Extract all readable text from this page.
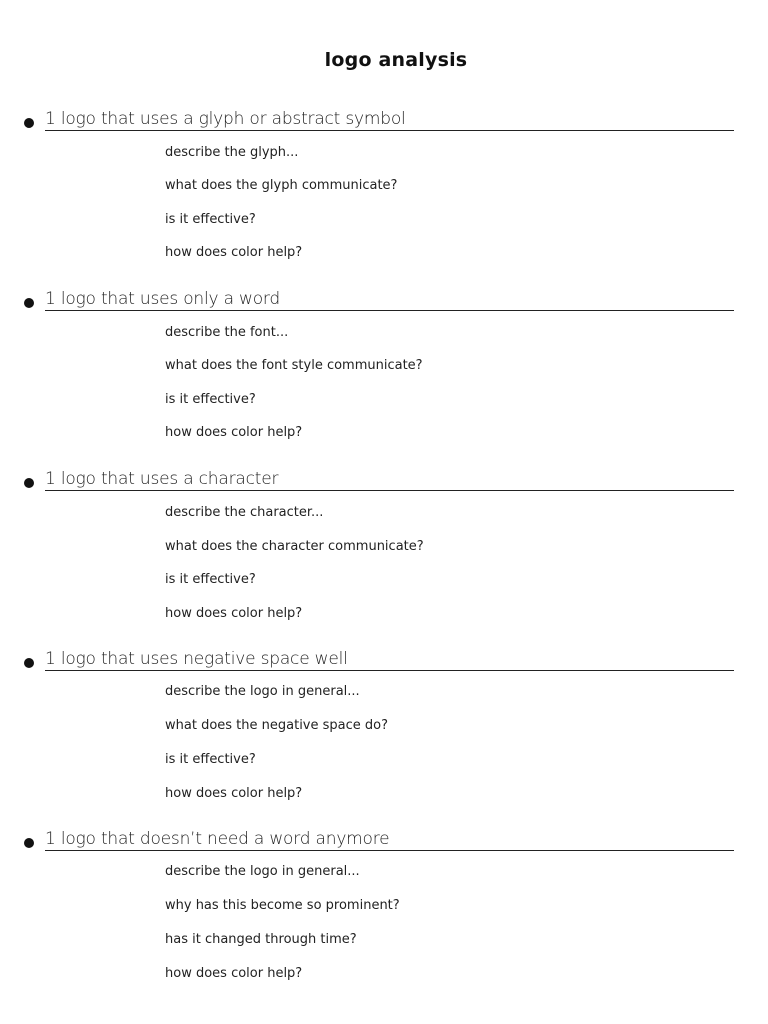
logo analysis
1 logo that uses a glyph or abstract symbol
describe the glyph...
what does the glyph communicate?
is it effective?
how does color help?
1 logo that uses only a word
describe the font...
what does the font style communicate?
is it effective?
how does color help?
1 logo that uses a character
describe the character...
what does the character communicate?
is it effective?
how does color help?
1 logo that uses negative space well
describe the logo in general...
what does the negative space do?
is it effective?
how does color help?
1 logo that doesn’t need a word anymore
describe the logo in general...
why has this become so prominent?
has it changed through time?
how does color help?
